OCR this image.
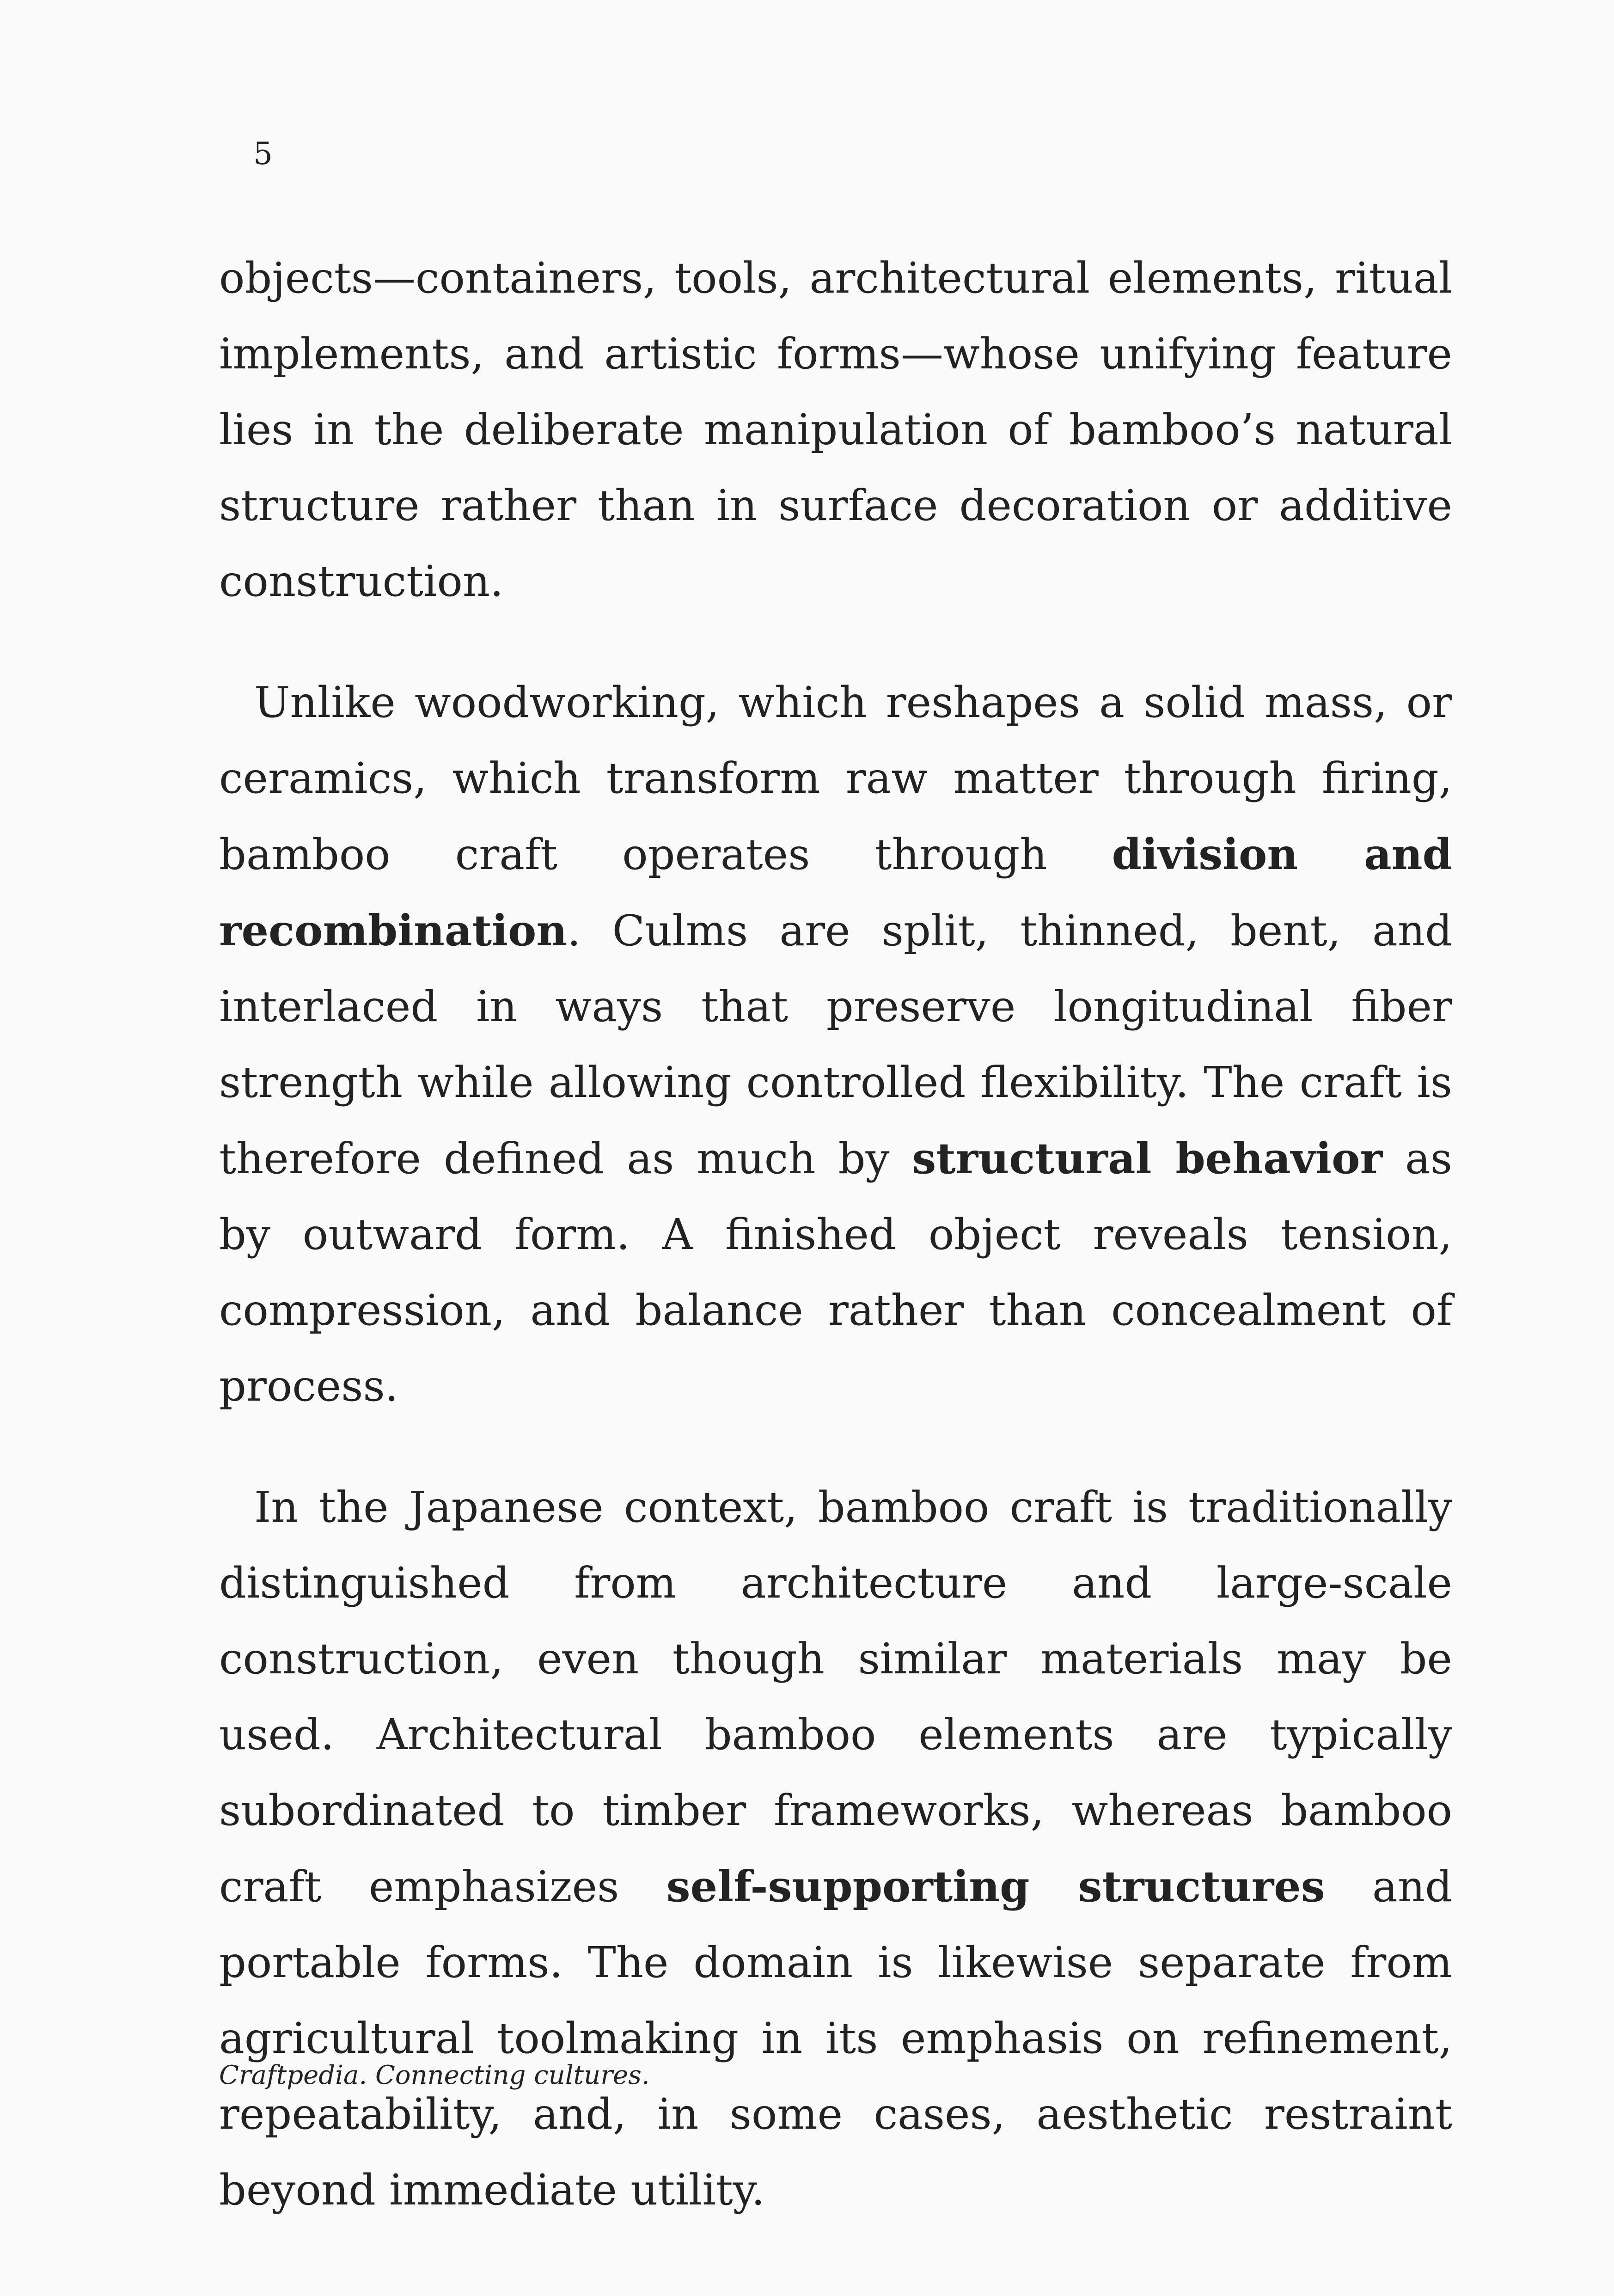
5

objects—containers, tools, architectural elements, ritual implements, and artistic forms—whose unifying feature lies in the deliberate manipulation of bamboo’s natural structure rather than in surface decoration or additive construction.

Unlike woodworking, which reshapes a solid mass, or ceramics, which transform raw matter through firing, bamboo craft operates through division and recombination. Culms are split, thinned, bent, and interlaced in ways that preserve longitudinal fiber strength while allowing controlled flexibility. The craft is therefore defined as much by structural behavior as by outward form. A finished object reveals tension, compression, and balance rather than concealment of process.

In the Japanese context, bamboo craft is traditionally distinguished from architecture and large-scale construction, even though similar materials may be used. Architectural bamboo elements are typically subordinated to timber frameworks, whereas bamboo craft emphasizes self-supporting structures and portable forms. The domain is likewise separate from agricultural toolmaking in its emphasis on refinement, repeatability, and, in some cases, aesthetic restraint beyond immediate utility.

Craftpedia. Connecting cultures.
